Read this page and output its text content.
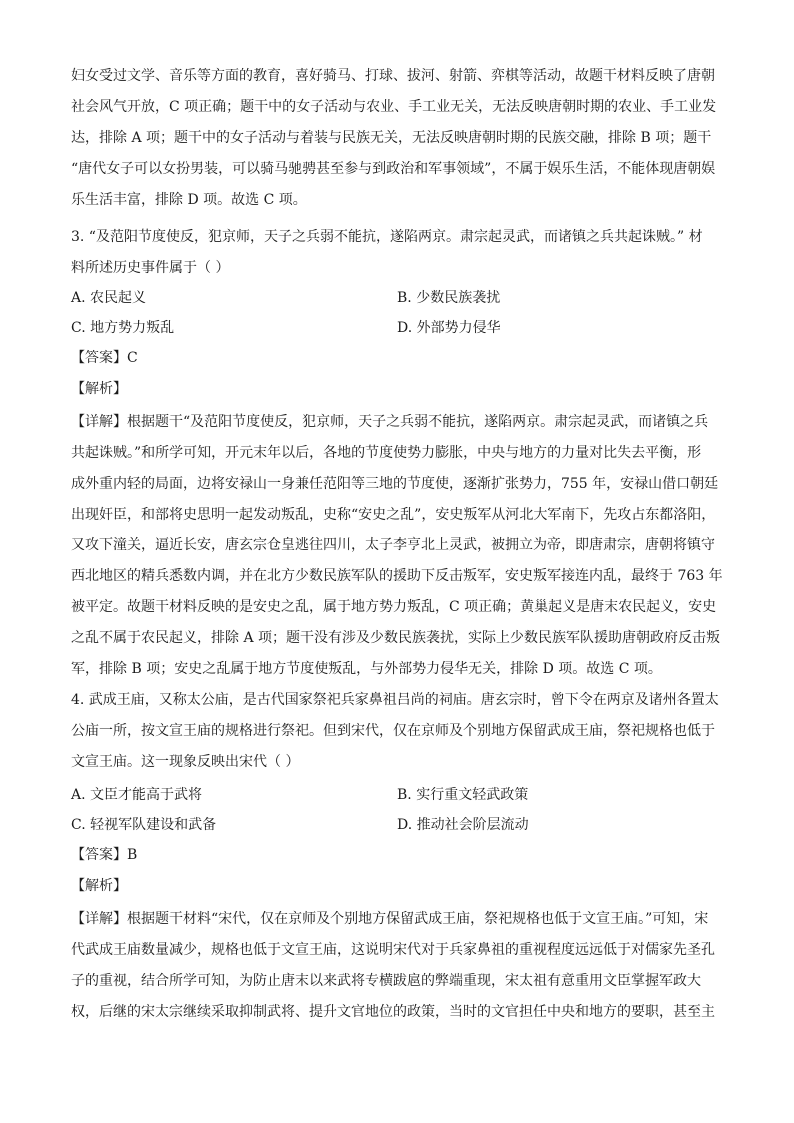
妇女受过文学、音乐等方面的教育，喜好骑马、打球、拔河、射箭、弈棋等活动，故题干材料反映了唐朝
社会风气开放，C 项正确；题干中的女子活动与农业、手工业无关，无法反映唐朝时期的农业、手工业发
达，排除 A 项；题干中的女子活动与着装与民族无关，无法反映唐朝时期的民族交融，排除 B 项；题干
“唐代女子可以女扮男装，可以骑马驰骋甚至参与到政治和军事领域”，不属于娱乐生活，不能体现唐朝娱
乐生活丰富，排除 D 项。故选 C 项。
3. “及范阳节度使反，犯京师，天子之兵弱不能抗，遂陷两京。肃宗起灵武，而诸镇之兵共起诛贼。” 材
料所述历史事件属于（ ）
A. 农民起义	B. 少数民族袭扰
C. 地方势力叛乱	D. 外部势力侵华
【答案】C
【解析】
【详解】根据题干“及范阳节度使反，犯京师，天子之兵弱不能抗，遂陷两京。肃宗起灵武，而诸镇之兵
共起诛贼。”和所学可知，开元末年以后，各地的节度使势力膨胀，中央与地方的力量对比失去平衡，形
成外重内轻的局面，边将安禄山一身兼任范阳等三地的节度使，逐渐扩张势力，755 年，安禄山借口朝廷
出现奸臣，和部将史思明一起发动叛乱，史称“安史之乱”，安史叛军从河北大军南下，先攻占东都洛阳，
又攻下潼关，逼近长安，唐玄宗仓皇逃往四川，太子李亨北上灵武，被拥立为帝，即唐肃宗，唐朝将镇守
西北地区的精兵悉数内调，并在北方少数民族军队的援助下反击叛军，安史叛军接连内乱，最终于 763 年
被平定。故题干材料反映的是安史之乱，属于地方势力叛乱，C 项正确；黄巢起义是唐末农民起义，安史
之乱不属于农民起义，排除 A 项；题干没有涉及少数民族袭扰，实际上少数民族军队援助唐朝政府反击叛
军，排除 B 项；安史之乱属于地方节度使叛乱，与外部势力侵华无关，排除 D 项。故选 C 项。
4. 武成王庙，又称太公庙，是古代国家祭祀兵家鼻祖吕尚的祠庙。唐玄宗时，曾下令在两京及诸州各置太
公庙一所，按文宣王庙的规格进行祭祀。但到宋代，仅在京师及个别地方保留武成王庙，祭祀规格也低于
文宣王庙。这一现象反映出宋代（ ）
A. 文臣才能高于武将	B. 实行重文轻武政策
C. 轻视军队建设和武备	D. 推动社会阶层流动
【答案】B
【解析】
【详解】根据题干材料“宋代，仅在京师及个别地方保留武成王庙，祭祀规格也低于文宣王庙。”可知，宋
代武成王庙数量减少，规格也低于文宣王庙，这说明宋代对于兵家鼻祖的重视程度远远低于对儒家先圣孔
子的重视，结合所学可知，为防止唐末以来武将专横跋扈的弊端重现，宋太祖有意重用文臣掌握军政大
权，后继的宋太宗继续采取抑制武将、提升文官地位的政策，当时的文官担任中央和地方的要职，甚至主
